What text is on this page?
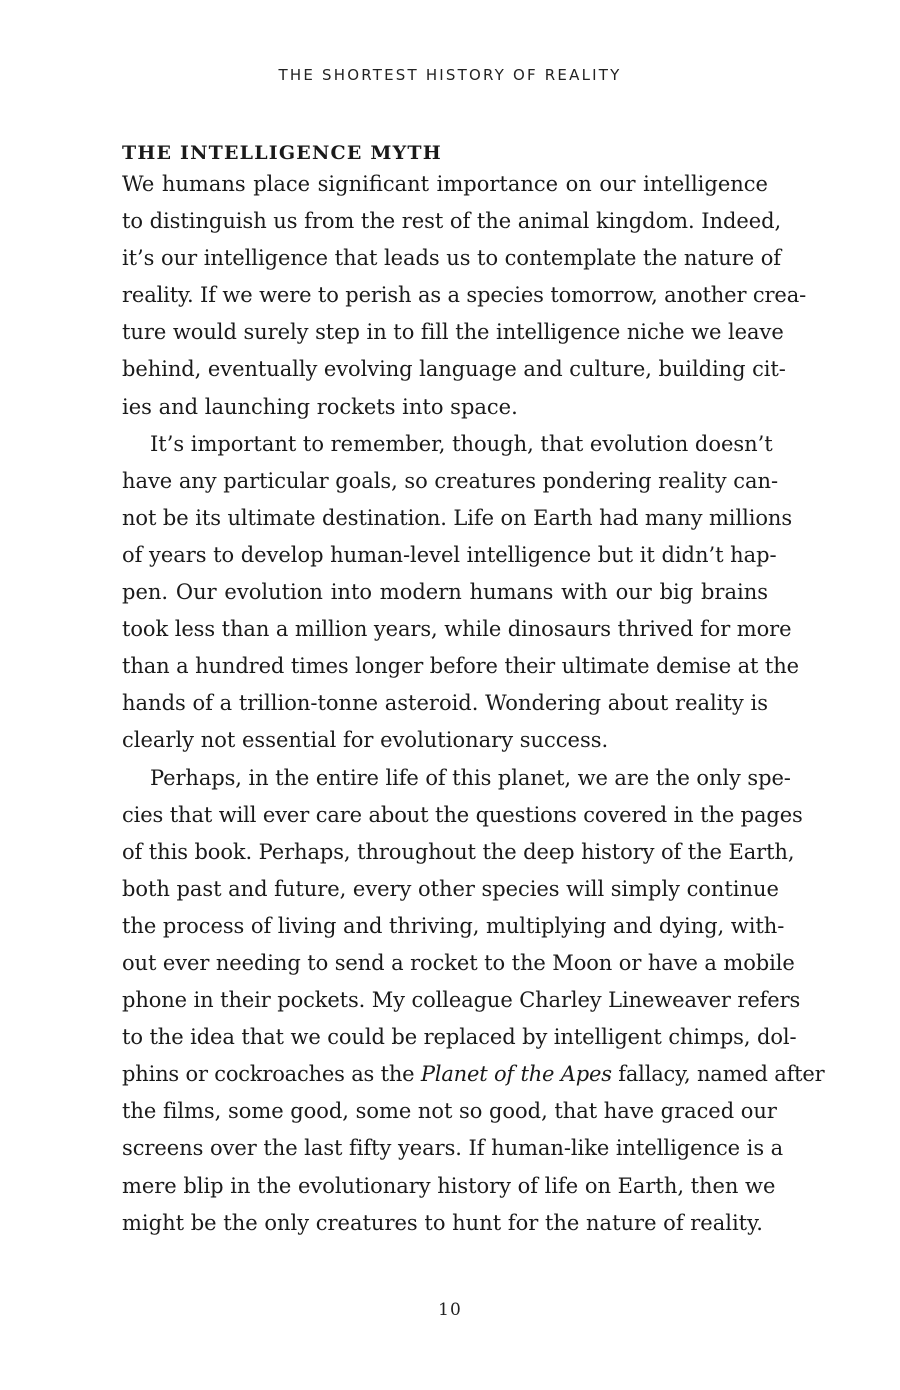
THE SHORTEST HISTORY OF REALITY
THE INTELLIGENCE MYTH

We humans place significant importance on our intelligence
to distinguish us from the rest of the animal kingdom. Indeed,
it’s our intelligence that leads us to contemplate the nature of
reality. If we were to perish as a species tomorrow, another crea-
ture would surely step in to fill the intelligence niche we leave
behind, eventually evolving language and culture, building cit-
ies and launching rockets into space.

It’s important to remember, though, that evolution doesn’t
have any particular goals, so creatures pondering reality can-
not be its ultimate destination. Life on Earth had many millions
of years to develop human-level intelligence but it didn’t hap-
pen. Our evolution into modern humans with our big brains
took less than a million years, while dinosaurs thrived for more
than a hundred times longer before their ultimate demise at the
hands of a trillion-tonne asteroid. Wondering about reality is
clearly not essential for evolutionary success.

Perhaps, in the entire life of this planet, we are the only spe-
cies that will ever care about the questions covered in the pages
of this book. Perhaps, throughout the deep history of the Earth,
both past and future, every other species will simply continue
the process of living and thriving, multiplying and dying, with-
out ever needing to send a rocket to the Moon or have a mobile
phone in their pockets. My colleague Charley Lineweaver refers
to the idea that we could be replaced by intelligent chimps, dol-
phins or cockroaches as the Planet of the Apes fallacy, named after
the films, some good, some not so good, that have graced our
screens over the last fifty years. If human-like intelligence is a
mere blip in the evolutionary history of life on Earth, then we
might be the only creatures to hunt for the nature of reality.

10
